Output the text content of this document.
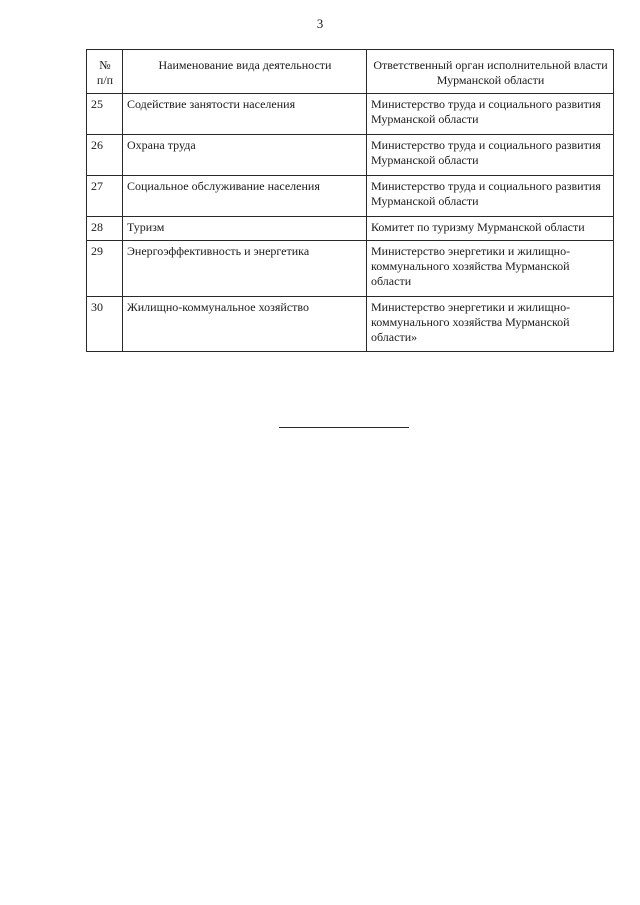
3
№
п/п	Наименование вида деятельности	Ответственный орган исполнительной власти Мурманской области
25	Содействие занятости населения	Министерство труда и социального развития Мурманской области
26	Охрана труда	Министерство труда и социального развития Мурманской области
27	Социальное обслуживание населения	Министерство труда и социального развития Мурманской области
28	Туризм	Комитет по туризму Мурманской области
29	Энергоэффективность и энергетика	Министерство энергетики и жилищно-коммунального хозяйства Мурманской области
30	Жилищно-коммунальное хозяйство	Министерство энергетики и жилищно-коммунального хозяйства Мурманской области»
